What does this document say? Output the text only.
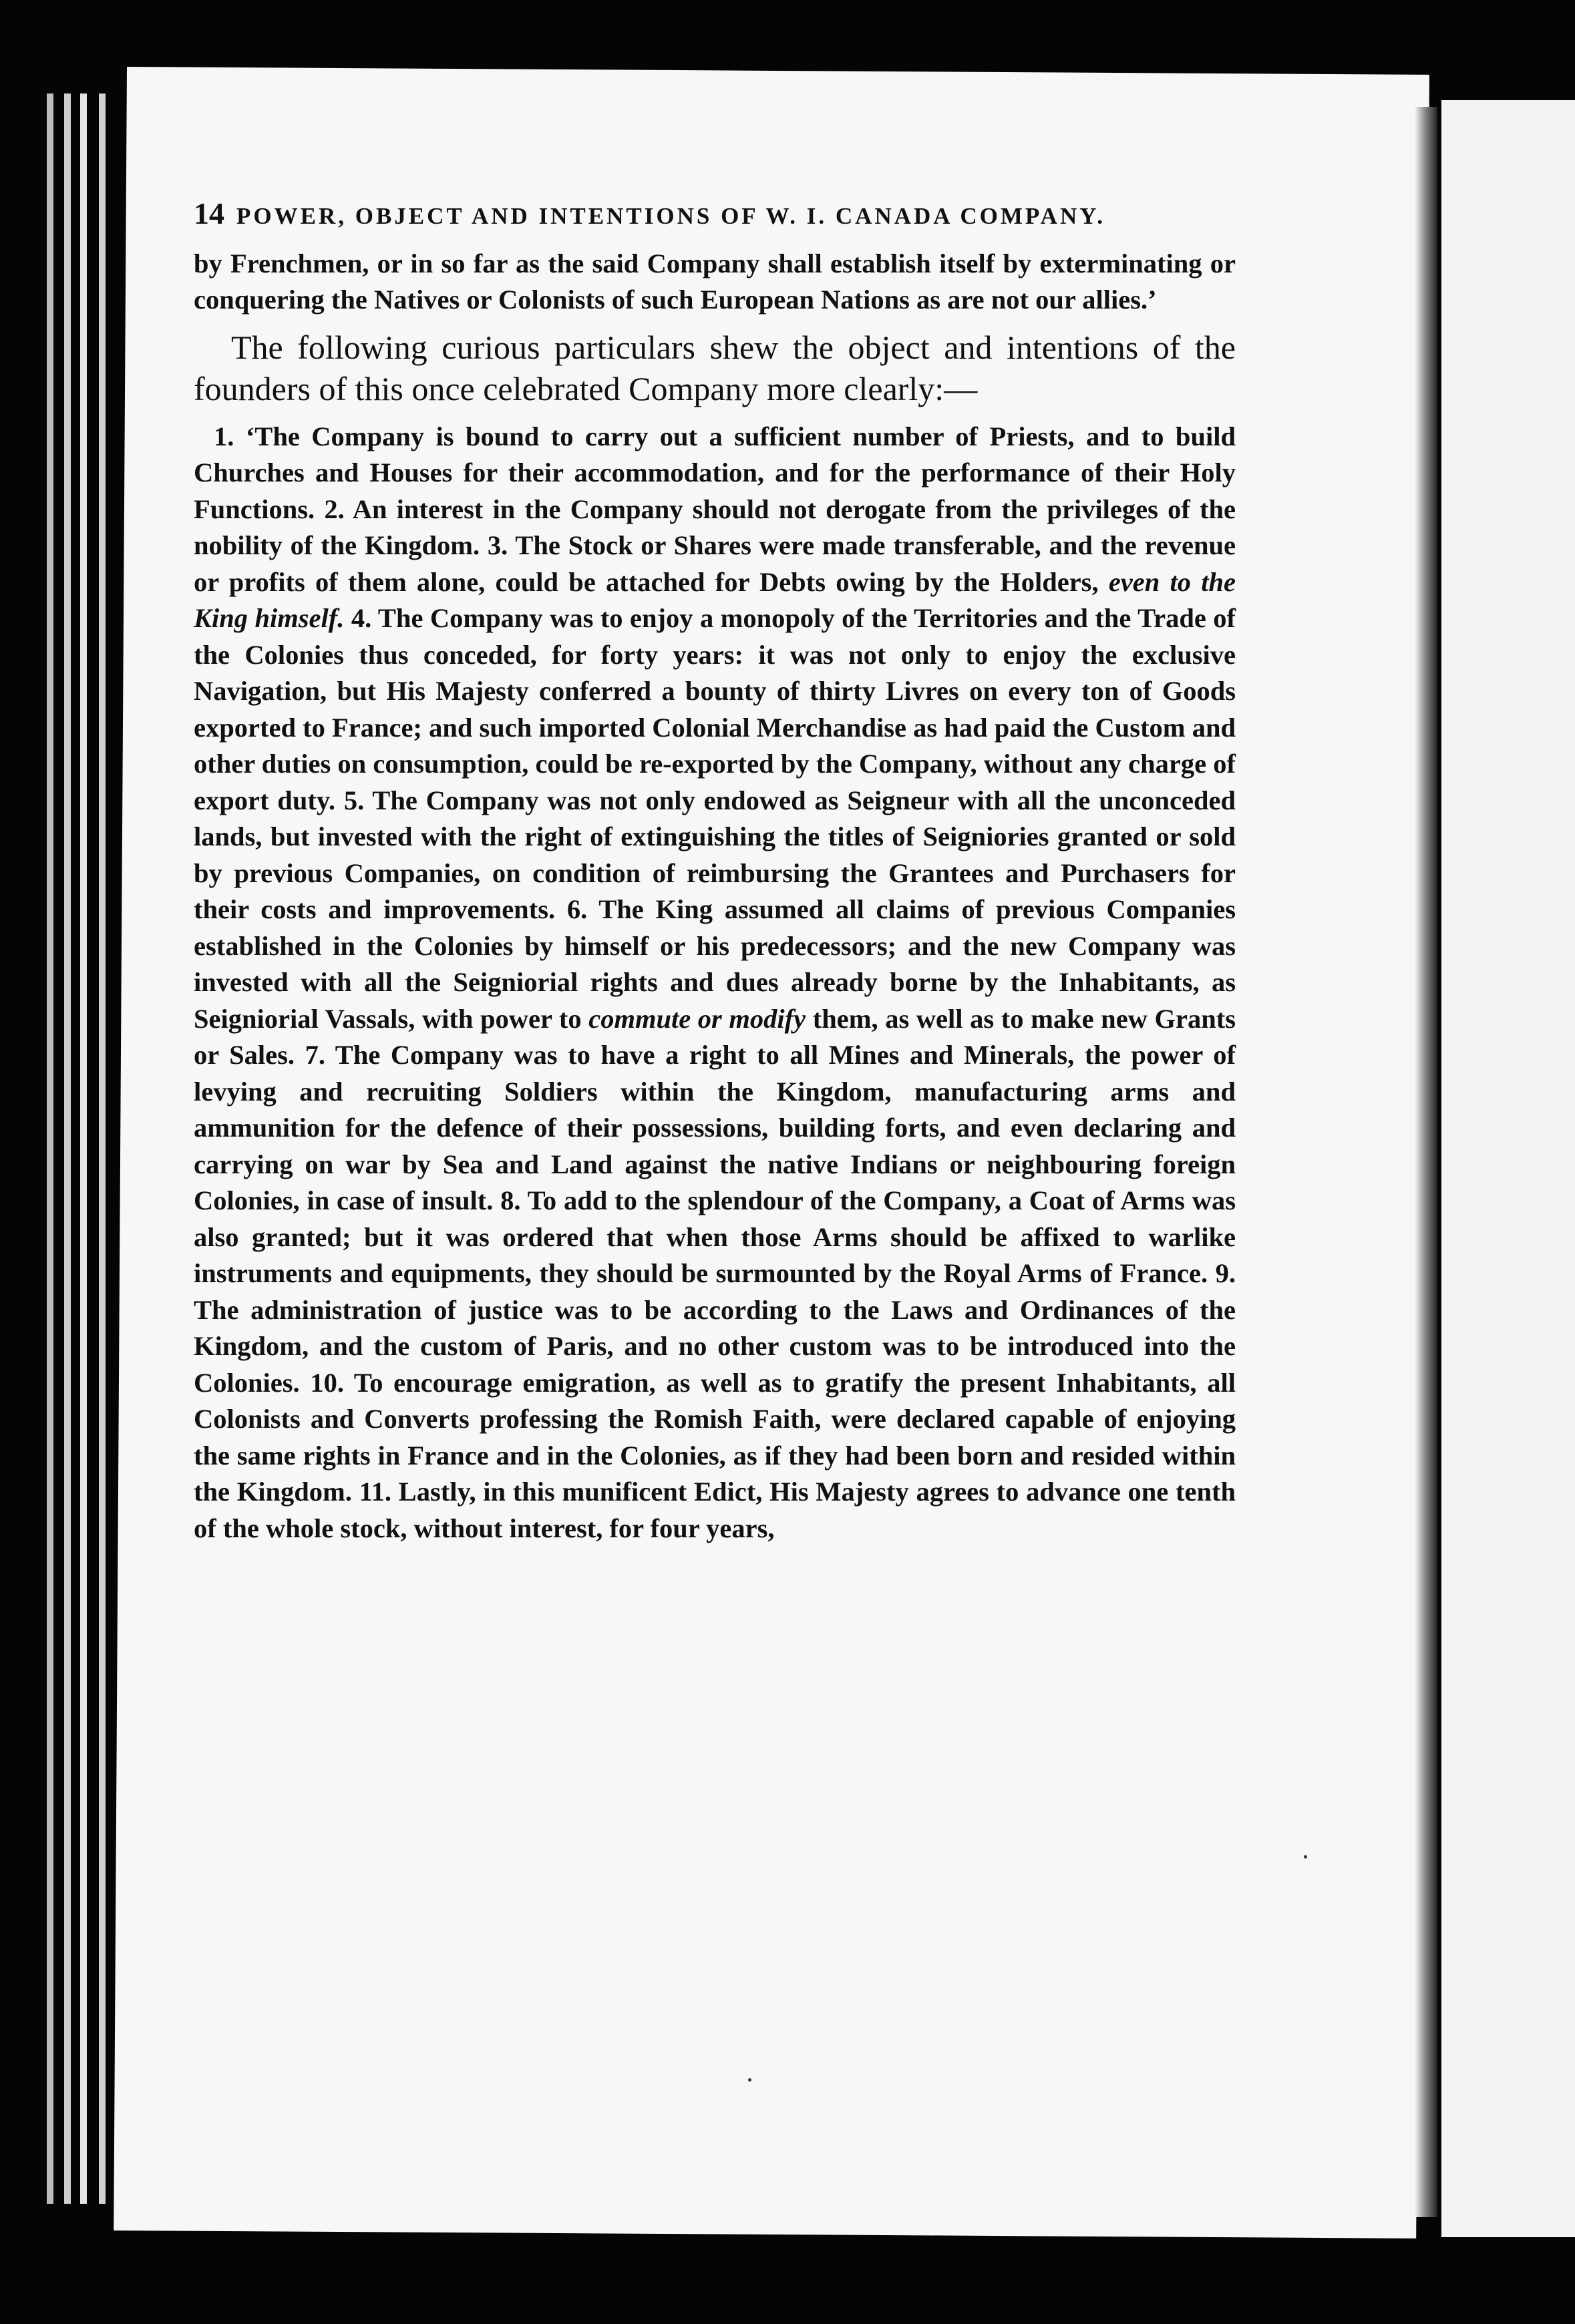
14 POWER, OBJECT AND INTENTIONS OF W. I. CANADA COMPANY.

by Frenchmen, or in so far as the said Company shall establish itself by exterminating or conquering the Natives or Colonists of such European Nations as are not our allies.’

The following curious particulars shew the object and intentions of the founders of this once celebrated Company more clearly:—

1. ‘The Company is bound to carry out a sufficient number of Priests, and to build Churches and Houses for their accommodation, and for the performance of their Holy Functions. 2. An interest in the Company should not derogate from the privileges of the nobility of the Kingdom. 3. The Stock or Shares were made transferable, and the revenue or profits of them alone, could be attached for Debts owing by the Holders, even to the King himself. 4. The Company was to enjoy a monopoly of the Territories and the Trade of the Colonies thus conceded, for forty years: it was not only to enjoy the exclusive Navigation, but His Majesty conferred a bounty of thirty Livres on every ton of Goods exported to France; and such imported Colonial Merchandise as had paid the Custom and other duties on consumption, could be re-exported by the Company, without any charge of export duty. 5. The Company was not only endowed as Seigneur with all the unconceded lands, but invested with the right of extinguishing the titles of Seigniories granted or sold by previous Companies, on condition of reimbursing the Grantees and Purchasers for their costs and improvements. 6. The King assumed all claims of previous Companies established in the Colonies by himself or his predecessors; and the new Company was invested with all the Seigniorial rights and dues already borne by the Inhabitants, as Seigniorial Vassals, with power to commute or modify them, as well as to make new Grants or Sales. 7. The Company was to have a right to all Mines and Minerals, the power of levying and recruiting Soldiers within the Kingdom, manufacturing arms and ammunition for the defence of their possessions, building forts, and even declaring and carrying on war by Sea and Land against the native Indians or neighbouring foreign Colonies, in case of insult. 8. To add to the splendour of the Company, a Coat of Arms was also granted; but it was ordered that when those Arms should be affixed to warlike instruments and equipments, they should be surmounted by the Royal Arms of France. 9. The administration of justice was to be according to the Laws and Ordinances of the Kingdom, and the custom of Paris, and no other custom was to be introduced into the Colonies. 10. To encourage emigration, as well as to gratify the present Inhabitants, all Colonists and Converts professing the Romish Faith, were declared capable of enjoying the same rights in France and in the Colonies, as if they had been born and resided within the Kingdom. 11. Lastly, in this munificent Edict, His Majesty agrees to advance one tenth of the whole stock, without interest, for four years,
